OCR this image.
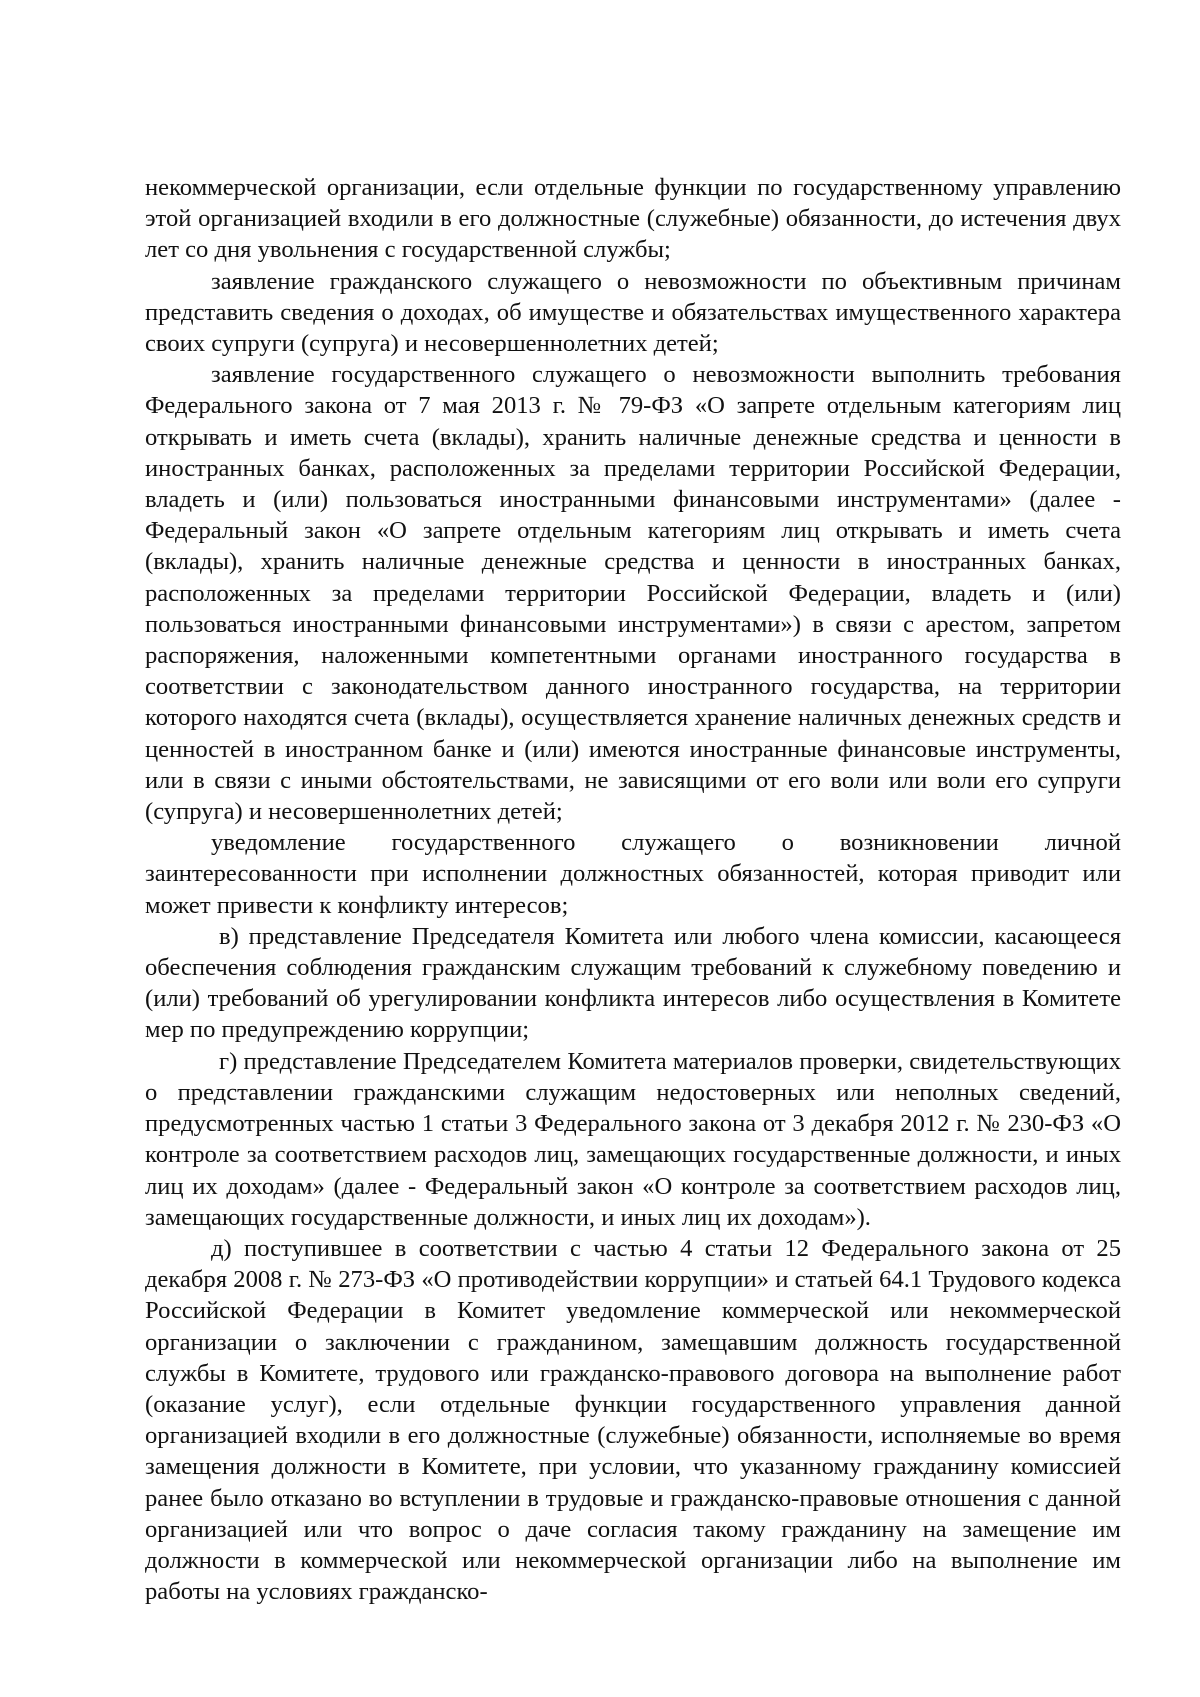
некоммерческой организации, если отдельные функции по государственному управлению этой организацией входили в его должностные (служебные) обязанности, до истечения двух лет со дня увольнения с государственной службы;

заявление гражданского служащего о невозможности по объективным причинам представить сведения о доходах, об имуществе и обязательствах имущественного характера своих супруги (супруга) и несовершеннолетних детей;

заявление государственного служащего о невозможности выполнить требования Федерального закона от 7 мая 2013 г. № 79-ФЗ «О запрете отдельным категориям лиц открывать и иметь счета (вклады), хранить наличные денежные средства и ценности в иностранных банках, расположенных за пределами территории Российской Федерации, владеть и (или) пользоваться иностранными финансовыми инструментами» (далее - Федеральный закон «О запрете отдельным категориям лиц открывать и иметь счета (вклады), хранить наличные денежные средства и ценности в иностранных банках, расположенных за пределами территории Российской Федерации, владеть и (или) пользоваться иностранными финансовыми инструментами») в связи с арестом, запретом распоряжения, наложенными компетентными органами иностранного государства в соответствии с законодательством данного иностранного государства, на территории которого находятся счета (вклады), осуществляется хранение наличных денежных средств и ценностей в иностранном банке и (или) имеются иностранные финансовые инструменты, или в связи с иными обстоятельствами, не зависящими от его воли или воли его супруги (супруга) и несовершеннолетних детей;

уведомление государственного служащего о возникновении личной заинтересованности при исполнении должностных обязанностей, которая приводит или может привести к конфликту интересов;

в) представление Председателя Комитета или любого члена комиссии, касающееся обеспечения соблюдения гражданским служащим требований к служебному поведению и (или) требований об урегулировании конфликта интересов либо осуществления в Комитете мер по предупреждению коррупции;

г) представление Председателем Комитета материалов проверки, свидетельствующих о представлении гражданскими служащим недостоверных или неполных сведений, предусмотренных частью 1 статьи 3 Федерального закона от 3 декабря 2012 г. № 230-ФЗ «О контроле за соответствием расходов лиц, замещающих государственные должности, и иных лиц их доходам» (далее - Федеральный закон «О контроле за соответствием расходов лиц, замещающих государственные должности, и иных лиц их доходам»).

д) поступившее в соответствии с частью 4 статьи 12 Федерального закона от 25 декабря 2008 г. № 273-ФЗ «О противодействии коррупции» и статьей 64.1 Трудового кодекса Российской Федерации в Комитет уведомление коммерческой или некоммерческой организации о заключении с гражданином, замещавшим должность государственной службы в Комитете, трудового или гражданско-правового договора на выполнение работ (оказание услуг), если отдельные функции государственного управления данной организацией входили в его должностные (служебные) обязанности, исполняемые во время замещения должности в Комитете, при условии, что указанному гражданину комиссией ранее было отказано во вступлении в трудовые и гражданско-правовые отношения с данной организацией или что вопрос о даче согласия такому гражданину на замещение им должности в коммерческой или некоммерческой организации либо на выполнение им работы на условиях гражданско-
